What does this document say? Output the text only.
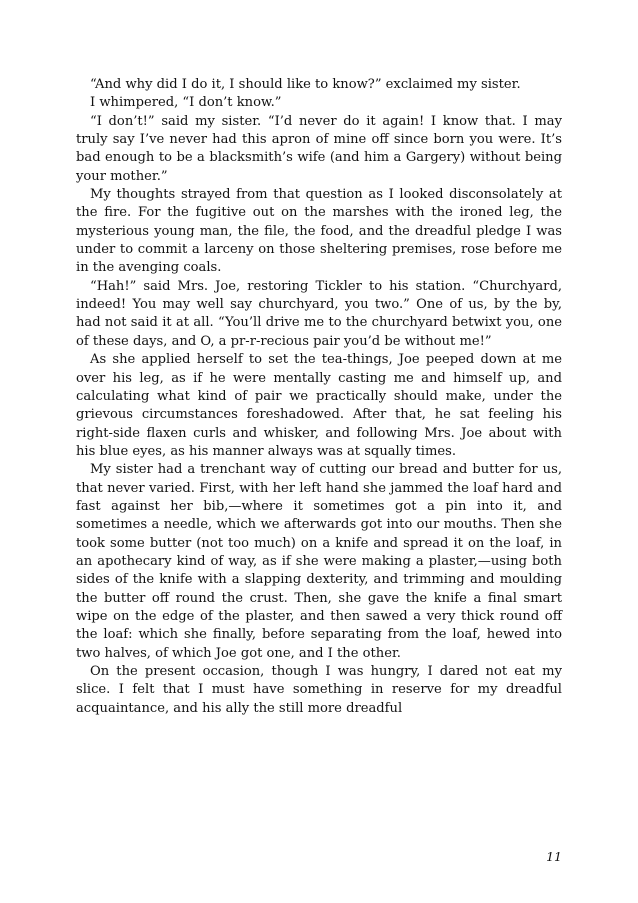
“And why did I do it, I should like to know?” exclaimed my sister.

I whimpered, “I don’t know.”

“I don’t!” said my sister. “I’d never do it again! I know that. I may truly say I’ve never had this apron of mine off since born you were. It’s bad enough to be a blacksmith’s wife (and him a Gargery) without being your mother.”

My thoughts strayed from that question as I looked disconsolately at the fire. For the fugitive out on the marshes with the ironed leg, the mysterious young man, the file, the food, and the dreadful pledge I was under to commit a larceny on those sheltering premises, rose before me in the avenging coals.

“Hah!” said Mrs. Joe, restoring Tickler to his station. “Churchyard, indeed! You may well say churchyard, you two.” One of us, by the by, had not said it at all. “You’ll drive me to the churchyard betwixt you, one of these days, and O, a pr-r-recious pair you’d be without me!”

As she applied herself to set the tea-things, Joe peeped down at me over his leg, as if he were mentally casting me and himself up, and calculating what kind of pair we practically should make, under the grievous circumstances foreshadowed. After that, he sat feeling his right-side flaxen curls and whisker, and following Mrs. Joe about with his blue eyes, as his manner always was at squally times.

My sister had a trenchant way of cutting our bread and butter for us, that never varied. First, with her left hand she jammed the loaf hard and fast against her bib,—where it sometimes got a pin into it, and sometimes a needle, which we afterwards got into our mouths. Then she took some butter (not too much) on a knife and spread it on the loaf, in an apothecary kind of way, as if she were making a plaster,—using both sides of the knife with a slapping dexterity, and trimming and moulding the butter off round the crust. Then, she gave the knife a final smart wipe on the edge of the plaster, and then sawed a very thick round off the loaf: which she finally, before separating from the loaf, hewed into two halves, of which Joe got one, and I the other.

On the present occasion, though I was hungry, I dared not eat my slice. I felt that I must have something in reserve for my dreadful acquaintance, and his ally the still more dreadful

11
